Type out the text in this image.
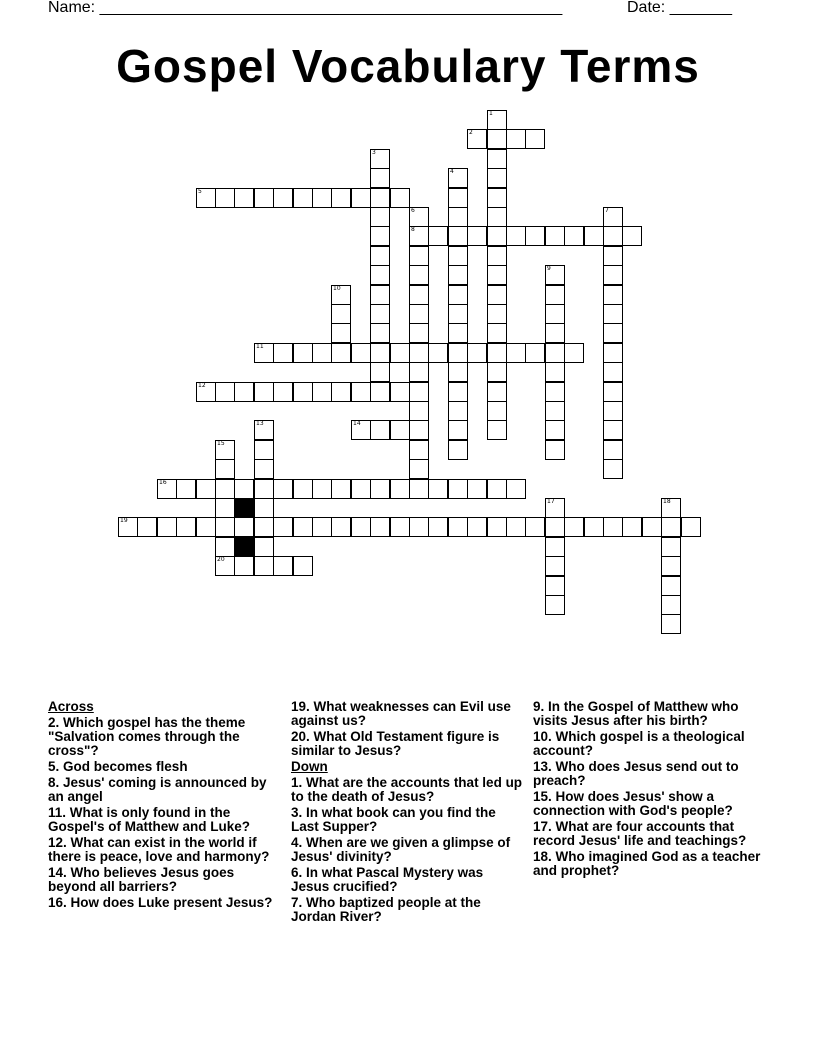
Name: ____________________________________________________	Date: _______
Gospel Vocabulary Terms
1
2
3
4
5
6
8
7
9
10
11
12
13	14
15
20
16
17	18
19
Across
2. Which gospel has the theme "Salvation comes through the cross"?
5. God becomes flesh
8. Jesus' coming is announced by an angel
11. What is only found in the Gospel's of Matthew and Luke?
12. What can exist in the world if there is peace, love and harmony?
14. Who believes Jesus goes beyond all barriers?
16. How does Luke present Jesus?
19. What weaknesses can Evil use against us?
20. What Old Testament figure is similar to Jesus?
Down
1. What are the accounts that led up to the death of Jesus?
3. In what book can you find the Last Supper?
4. When are we given a glimpse of Jesus' divinity?
6. In what Pascal Mystery was Jesus crucified?
7. Who baptized people at the Jordan River?
9. In the Gospel of Matthew who visits Jesus after his birth?
10. Which gospel is a theological account?
13. Who does Jesus send out to preach?
15. How does Jesus' show a connection with God's people?
17. What are four accounts that record Jesus' life and teachings?
18. Who imagined God as a teacher and prophet?
